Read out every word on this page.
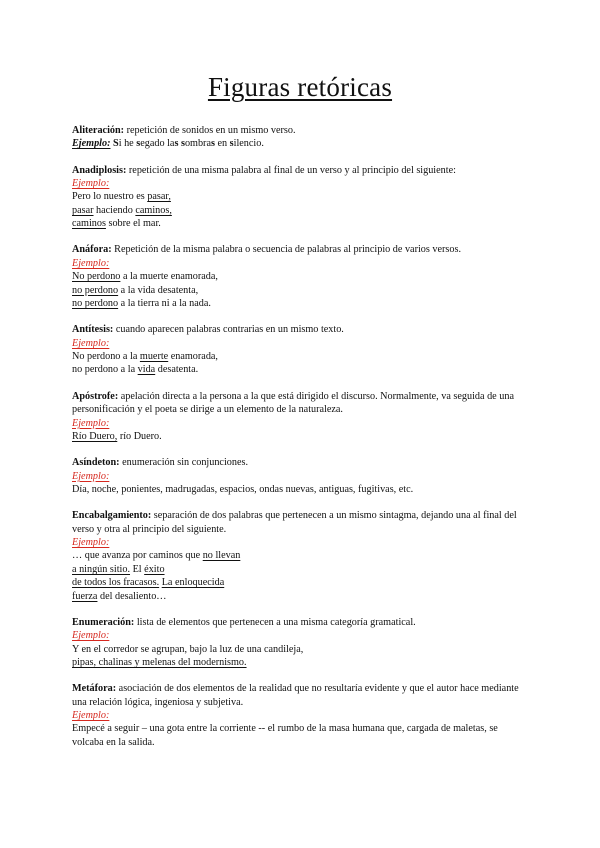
Figuras retóricas
Aliteración: repetición de sonidos en un mismo verso.
Ejemplo: Si he segado las sombras en silencio.
Anadiplosis: repetición de una misma palabra al final de un verso y al principio del siguiente:
Ejemplo:
Pero lo nuestro es pasar,
pasar haciendo caminos,
caminos sobre el mar.
Anáfora: Repetición de la misma palabra o secuencia de palabras al principio de varios versos.
Ejemplo:
No perdono a la muerte enamorada,
no perdono a la vida desatenta,
no perdono a la tierra ni a la nada.
Antítesis: cuando aparecen palabras contrarias en un mismo texto.
Ejemplo:
No perdono a la muerte enamorada,
no perdono a la vida desatenta.
Apóstrofe: apelación directa a la persona a la que está dirigido el discurso. Normalmente, va seguida de una personificación y el poeta se dirige a un elemento de la naturaleza.
Ejemplo:
Río Duero, río Duero.
Asíndeton: enumeración sin conjunciones.
Ejemplo:
Día, noche, ponientes, madrugadas, espacios, ondas nuevas, antiguas, fugitivas, etc.
Encabalgamiento: separación de dos palabras que pertenecen a un mismo sintagma, dejando una al final del verso y otra al principio del siguiente.
Ejemplo:
… que avanza por caminos que no llevan
a ningún sitio. El éxito
de todos los fracasos. La enloquecida
fuerza del desaliento…
Enumeración: lista de elementos que pertenecen a una misma categoría gramatical.
Ejemplo:
Y en el corredor se agrupan, bajo la luz de una candileja,
pipas, chalinas y melenas del modernismo.
Metáfora: asociación de dos elementos de la realidad que no resultaría evidente y que el autor hace mediante una relación lógica, ingeniosa y subjetiva.
Ejemplo:
Empecé a seguir – una gota entre la corriente -- el rumbo de la masa humana que, cargada de maletas, se volcaba en la salida.
